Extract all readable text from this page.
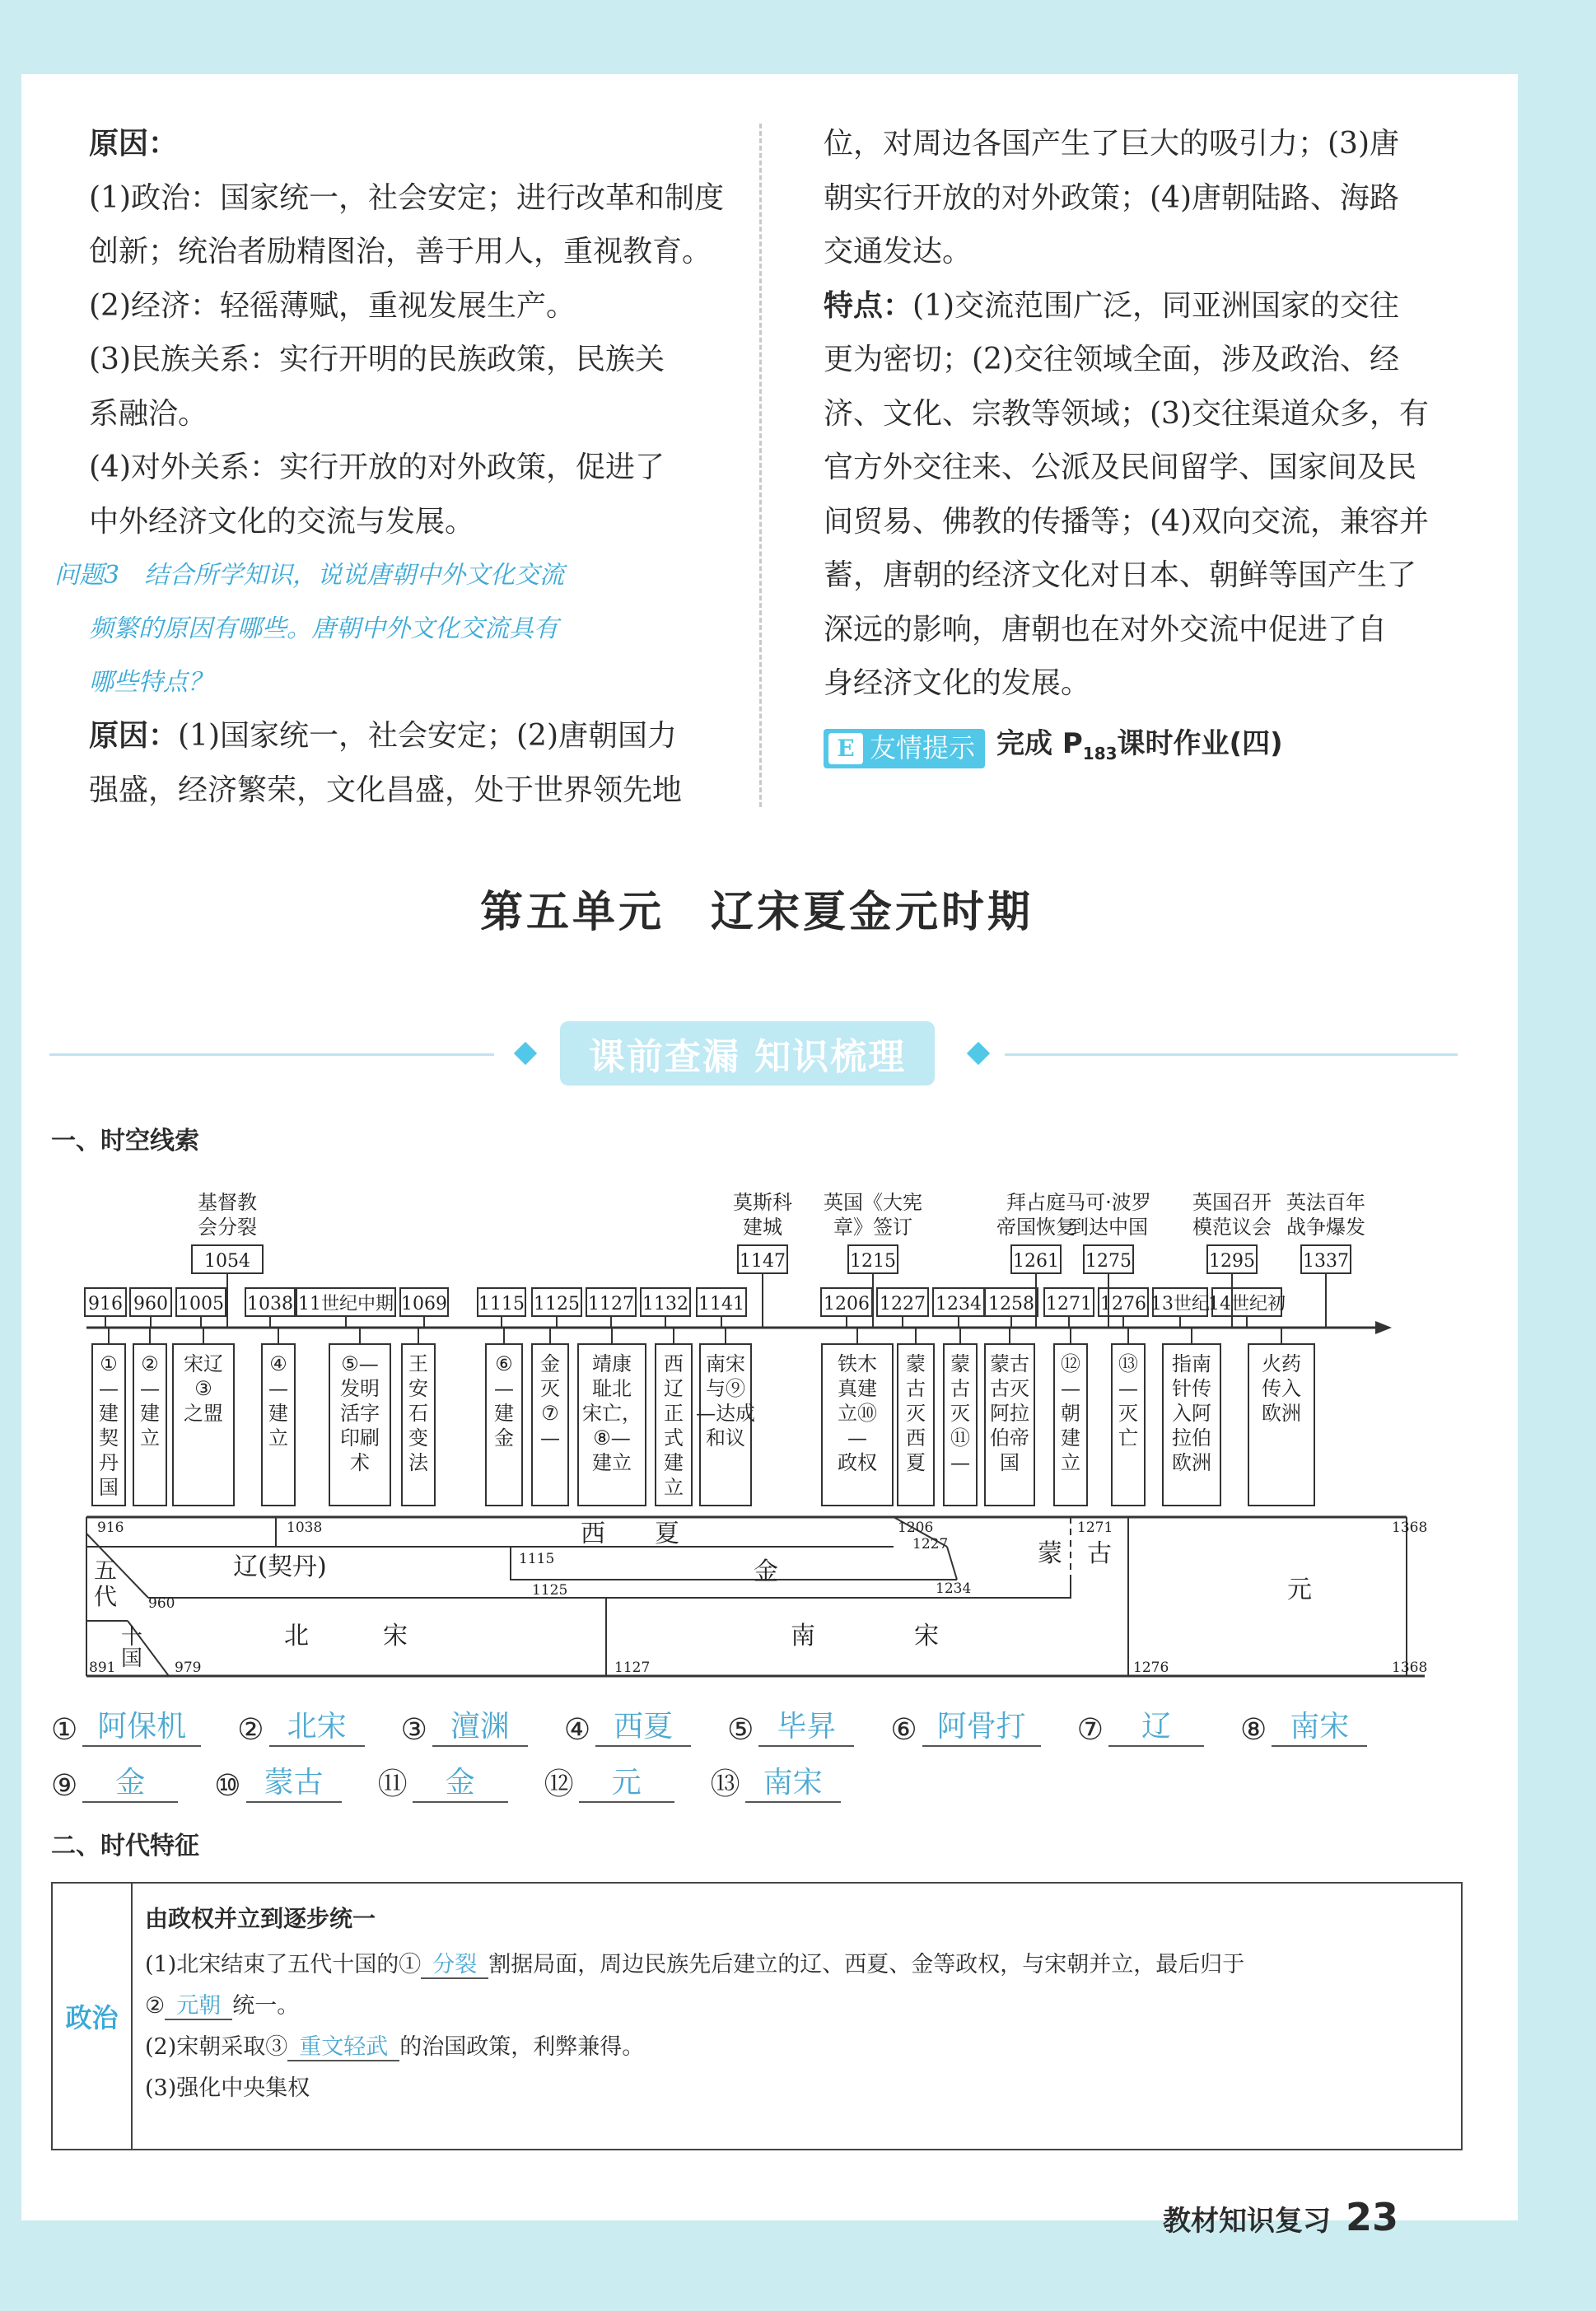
原因：

(1)政治：国家统一，社会安定；进行改革和制度

创新；统治者励精图治，善于用人，重视教育。

(2)经济：轻徭薄赋，重视发展生产。

(3)民族关系：实行开明的民族政策，民族关

系融洽。

(4)对外关系：实行开放的对外政策，促进了

中外经济文化的交流与发展。

问题3　结合所学知识，说说唐朝中外文化交流

频繁的原因有哪些。唐朝中外文化交流具有

哪些特点？

原因：(1)国家统一，社会安定；(2)唐朝国力

强盛，经济繁荣，文化昌盛，处于世界领先地

位，对周边各国产生了巨大的吸引力；(3)唐

朝实行开放的对外政策；(4)唐朝陆路、海路

交通发达。

特点：(1)交流范围广泛，同亚洲国家的交往

更为密切；(2)交往领域全面，涉及政治、经

济、文化、宗教等领域；(3)交往渠道众多，有

官方外交往来、公派及民间留学、国家间及民

间贸易、佛教的传播等；(4)双向交流，兼容并

蓄，唐朝的经济文化对日本、朝鲜等国产生了

深远的影响，唐朝也在对外交流中促进了自

身经济文化的发展。

E 友情提示 完成 $P_{183}$课时作业(四)
第五单元　辽宋夏金元时期
课前查漏 知识梳理
一、时空线索
916 960 1005 1038 11世纪中期 1069 1115 1125 1127 1132 1141	1206 1227 1234 1258 1271 1276 13世纪
14世纪初
基督教
会分裂
1054
莫斯科
建城
1147
英国《大宪
章》签订
1215
拜占庭
帝国恢复
1261
马可·波罗
到达中国
1275
英国召开
模范议会
1295
英法百年
战争爆发
1337
①
—
建
契
丹
国
②
—
建
立
宋辽
③
之盟
④
—
建
立
⑤—
发明
活字
印刷
术
王
安
石
变
法
⑥
—
建
金
金
灭
⑦
—
靖康
耻北
宋亡，
⑧—
建立
西
辽
正
式
建
立
南宋
与⑨
—达成
和议
铁木
真建
立⑩
—
政权
蒙
古
灭
西
夏
蒙
古
灭
⑪
—
蒙古
古灭
阿拉
伯帝
国
⑫
—
朝
建
立
⑬
—
灭
亡
指南
针传
入阿
拉伯
欧洲
火药
传入
欧洲
五
代
十
国
辽(契丹)
西　　夏
金
蒙　古
元
北　　　宋	南　　　　宋
916	1038	1206
1227
1115
1234
1125
960
891	979	1127	1276
1271	1368
1368
① 阿保机	② 北宋	③ 澶渊	④ 西夏	⑤ 毕昇	⑥ 阿骨打	⑦	辽	⑧ 南宋
⑨	金	⑩ 蒙古	⑪	金	⑫	元	⑬ 南宋
二、时代特征
政治

由政权并立到逐步统一

(1)北宋结束了五代十国的① 分裂 割据局面，周边民族先后建立的辽、西夏、金等政权，与宋朝并立，最后归于

② 元朝 统一。

(2)宋朝采取③ 重文轻武 的治国政策，利弊兼得。

(3)强化中央集权

教材知识复习 23
